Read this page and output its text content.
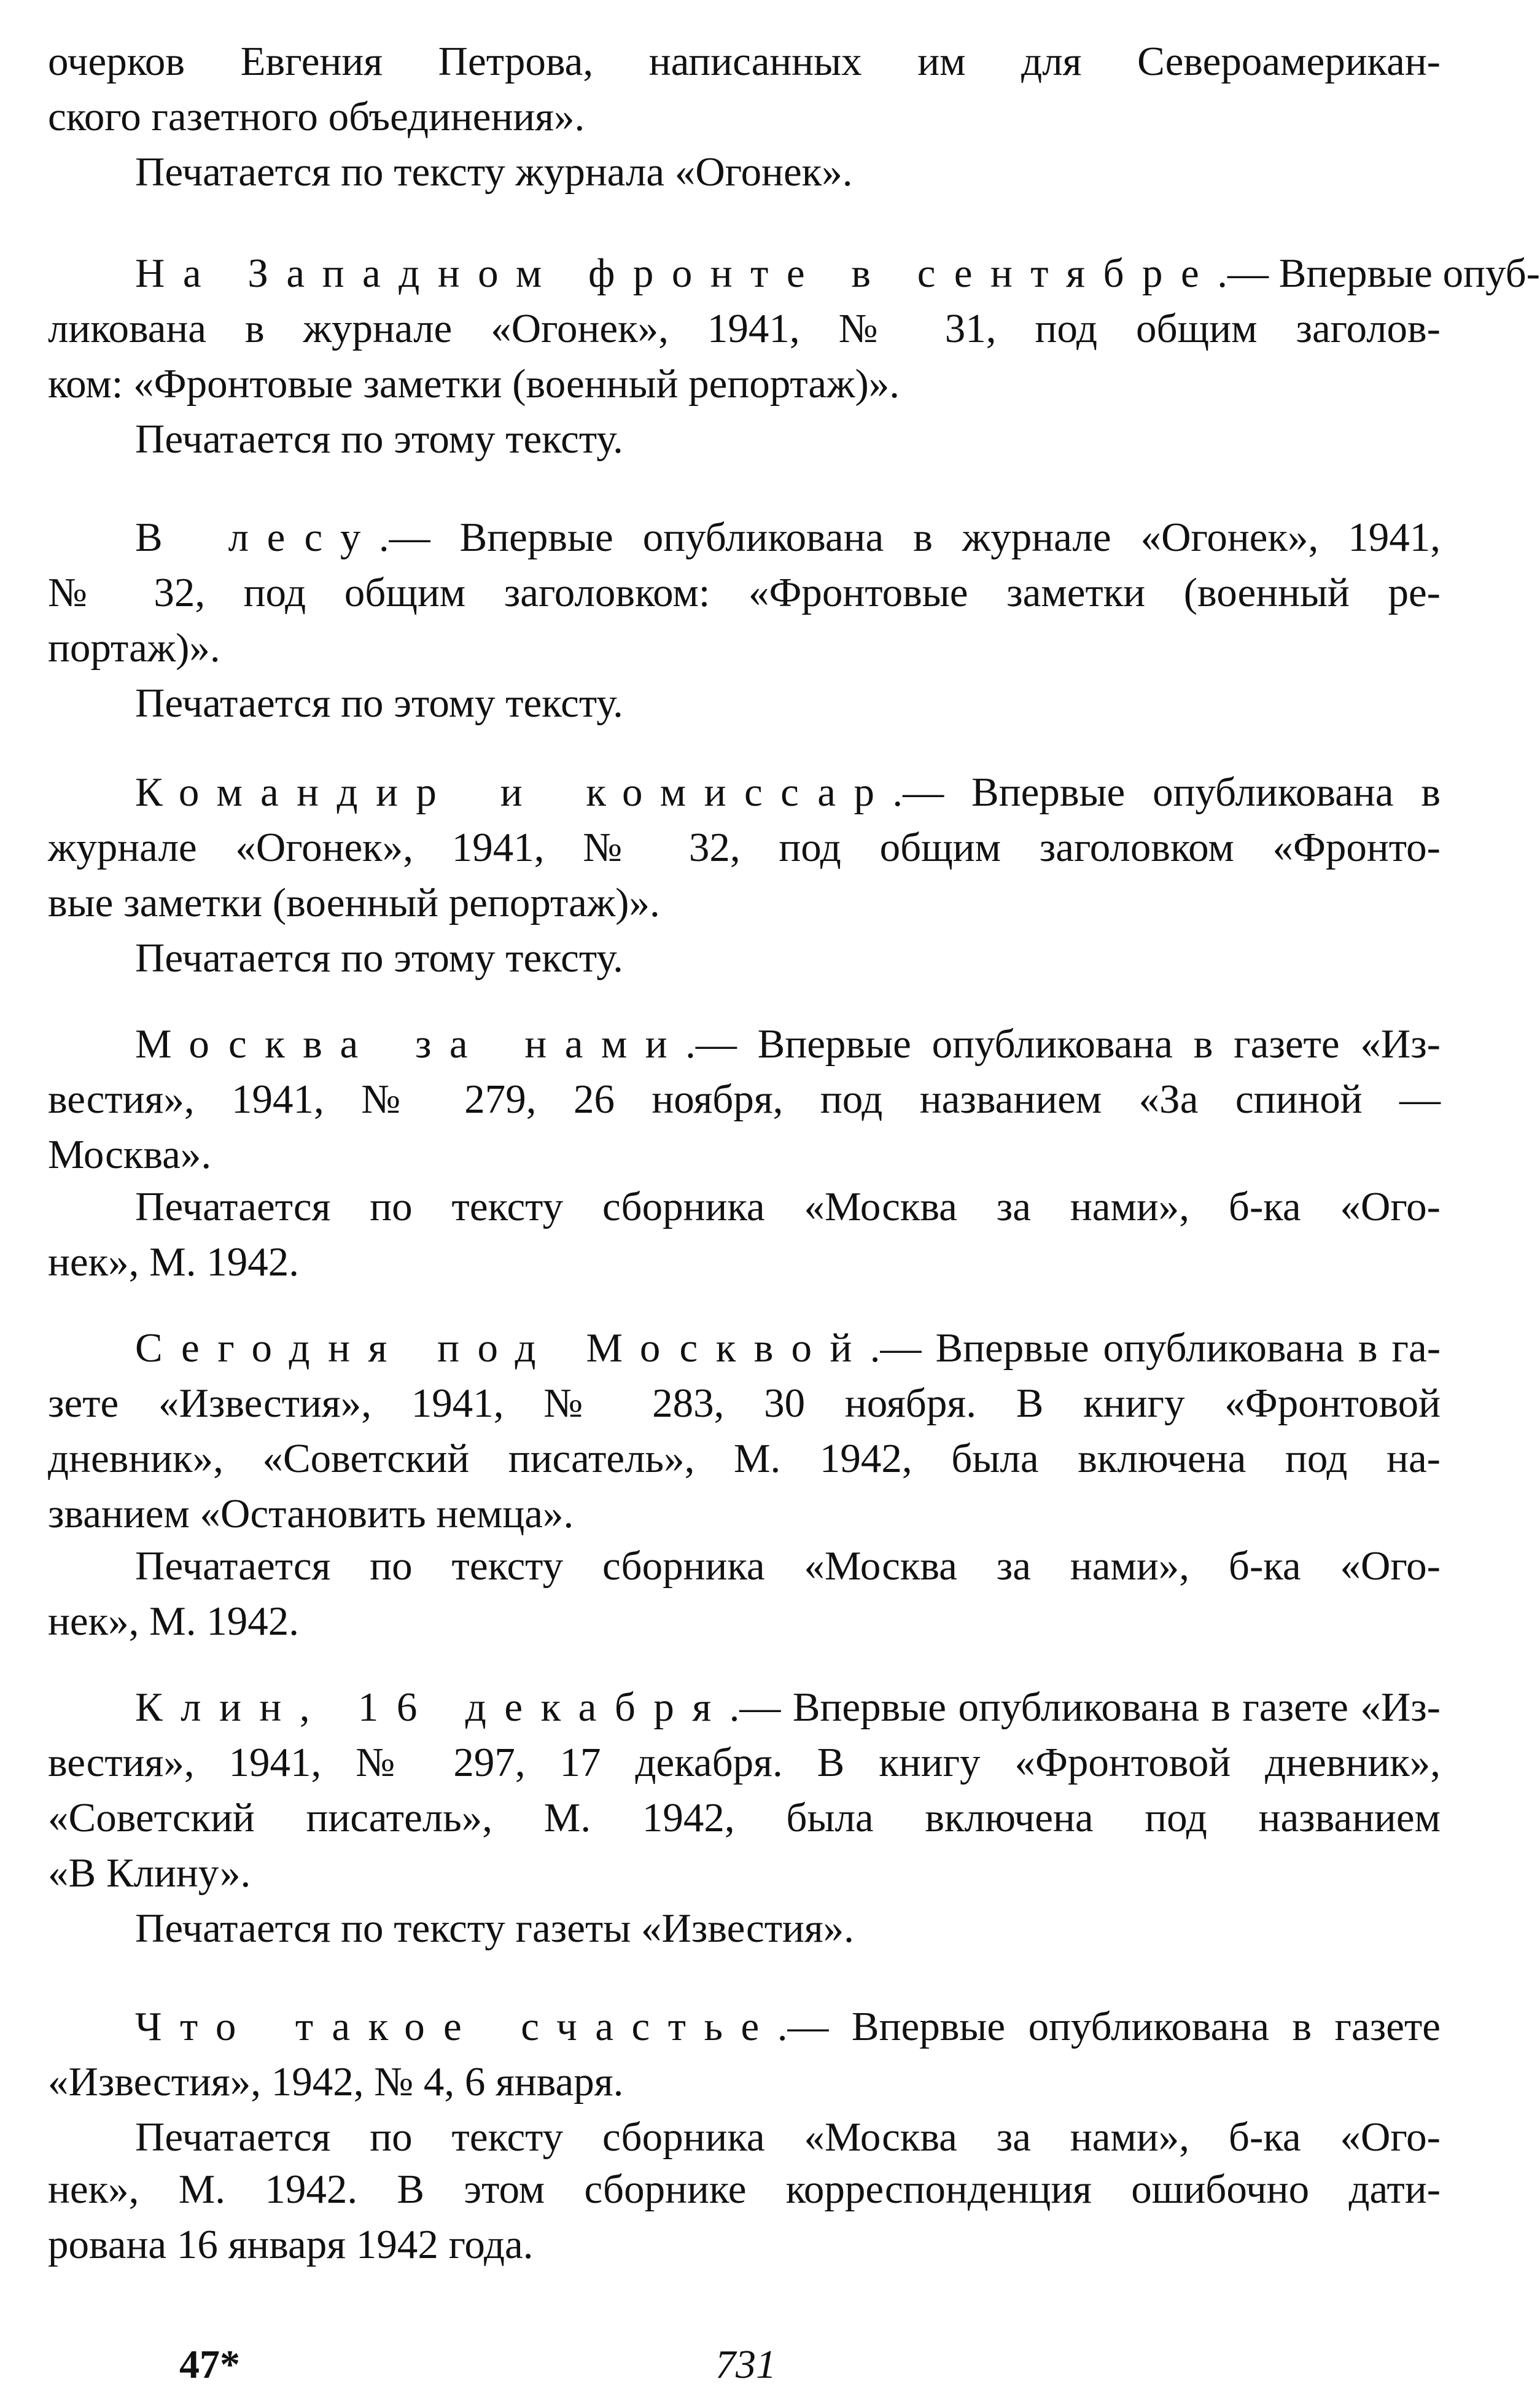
очерков Евгения Петрова, написанных им для Североамерикан-
ского газетного объединения».
Печатается по тексту журнала «Огонек».
На Западном фронте в сентябре.— Впервые опуб-
ликована в журнале «Огонек», 1941, № 31, под общим заголов-
ком: «Фронтовые заметки (военный репортаж)».
Печатается по этому тексту.
В лесу.— Впервые опубликована в журнале «Огонек», 1941,
№ 32, под общим заголовком: «Фронтовые заметки (военный ре-
портаж)».
Печатается по этому тексту.
Командир и комиссар.— Впервые опубликована в
журнале «Огонек», 1941, № 32, под общим заголовком «Фронто-
вые заметки (военный репортаж)».
Печатается по этому тексту.
Москва за нами.— Впервые опубликована в газете «Из-
вестия», 1941, № 279, 26 ноября, под названием «За спиной —
Москва».
Печатается по тексту сборника «Москва за нами», б-ка «Ого-
нек», М. 1942.
Сегодня под Москвой.— Впервые опубликована в га-
зете «Известия», 1941, № 283, 30 ноября. В книгу «Фронтовой
дневник», «Советский писатель», М. 1942, была включена под на-
званием «Остановить немца».
Печатается по тексту сборника «Москва за нами», б-ка «Ого-
нек», М. 1942.
Клин, 16 декабря.— Впервые опубликована в газете «Из-
вестия», 1941, № 297, 17 декабря. В книгу «Фронтовой дневник»,
«Советский писатель», М. 1942, была включена под названием
«В Клину».
Печатается по тексту газеты «Известия».
Что такое счастье.— Впервые опубликована в газете
«Известия», 1942, № 4, 6 января.
Печатается по тексту сборника «Москва за нами», б-ка «Ого-
нек», М. 1942. В этом сборнике корреспонденция ошибочно дати-
рована 16 января 1942 года.
47*	731
